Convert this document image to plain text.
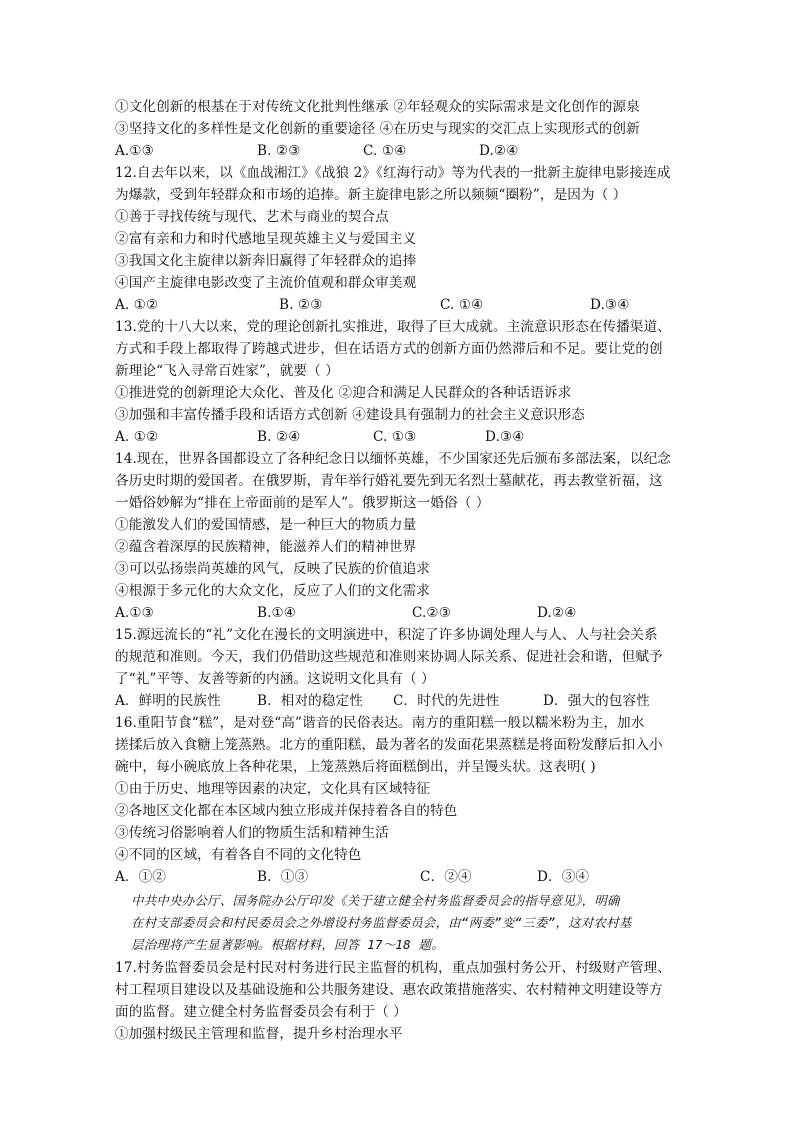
①文化创新的根基在于对传统文化批判性继承 ②年轻观众的实际需求是文化创作的源泉
③坚持文化的多样性是文化创新的重要途径 ④在历史与现实的交汇点上实现形式的创新
A.①③	B. ②③	C. ①④	D.②④
12.自去年以来，以《血战湘江》《战狼 2》《红海行动》等为代表的一批新主旋律电影接连成
为爆款，受到年轻群众和市场的追捧。新主旋律电影之所以频频“圈粉”，是因为（ ）
①善于寻找传统与现代、艺术与商业的契合点
②富有亲和力和时代感地呈现英雄主义与爱国主义
③我国文化主旋律以新奔旧赢得了年轻群众的追捧
④国产主旋律电影改变了主流价值观和群众审美观
A. ①②	B. ②③	C. ①④	D.③④
13.党的十八大以来，党的理论创新扎实推进，取得了巨大成就。主流意识形态在传播渠道、
方式和手段上都取得了跨越式进步，但在话语方式的创新方面仍然滞后和不足。要让党的创
新理论“飞入寻常百姓家”，就要（ ）
①推进党的创新理论大众化、普及化 ②迎合和满足人民群众的各种话语诉求
③加强和丰富传播手段和话语方式创新 ④建设具有强制力的社会主义意识形态
A. ①②	B. ②④	C. ①③	D.③④
14.现在，世界各国都设立了各种纪念日以缅怀英雄，不少国家还先后颁布多部法案，以纪念
各历史时期的爱国者。在俄罗斯，青年举行婚礼要先到无名烈士墓献花，再去教堂祈福，这
一婚俗妙解为“排在上帝面前的是军人”。俄罗斯这一婚俗（ ）
①能激发人们的爱国情感，是一种巨大的物质力量
②蕴含着深厚的民族精神，能滋养人们的精神世界
③可以弘扬崇尚英雄的风气，反映了民族的价值追求
④根源于多元化的大众文化，反应了人们的文化需求
A.①③	B.①④	C.②③	D.②④
15.源远流长的“礼”文化在漫长的文明演进中，积淀了许多协调处理人与人、人与社会关系
的规范和准则。今天，我们仍借助这些规范和准则来协调人际关系、促进社会和谐，但赋予
了“礼”平等、友善等新的内涵。这说明文化具有（ ）
A．鲜明的民族性	B．相对的稳定性 C．时代的先进性	D．强大的包容性
16.重阳节食“糕”，是对登“高”谐音的民俗表达。南方的重阳糕一般以糯米粉为主，加水
搓揉后放入食糖上笼蒸熟。北方的重阳糕，最为著名的发面花果蒸糕是将面粉发酵后扣入小
碗中，每小碗底放上各种花果，上笼蒸熟后将面糕倒出，并呈馒头状。这表明( )
①由于历史、地理等因素的决定，文化具有区域特征
②各地区文化都在本区域内独立形成并保持着各自的特色
③传统习俗影响着人们的物质生活和精神生活
④不同的区域，有着各自不同的文化特色
A．①②	B．①③	C．②④	D．③④
中共中央办公厅、国务院办公厅印发《关于建立健全村务监督委员会的指导意见》，明确
在村支部委员会和村民委员会之外增设村务监督委员会，由“两委”变“三委”，这对农村基
层治理将产生显著影响。根据材料，回答 17～18 题。
17.村务监督委员会是村民对村务进行民主监督的机构，重点加强村务公开、村级财产管理、
村工程项目建设以及基础设施和公共服务建设、惠农政策措施落实、农村精神文明建设等方
面的监督。建立健全村务监督委员会有利于（ ）
①加强村级民主管理和监督，提升乡村治理水平
